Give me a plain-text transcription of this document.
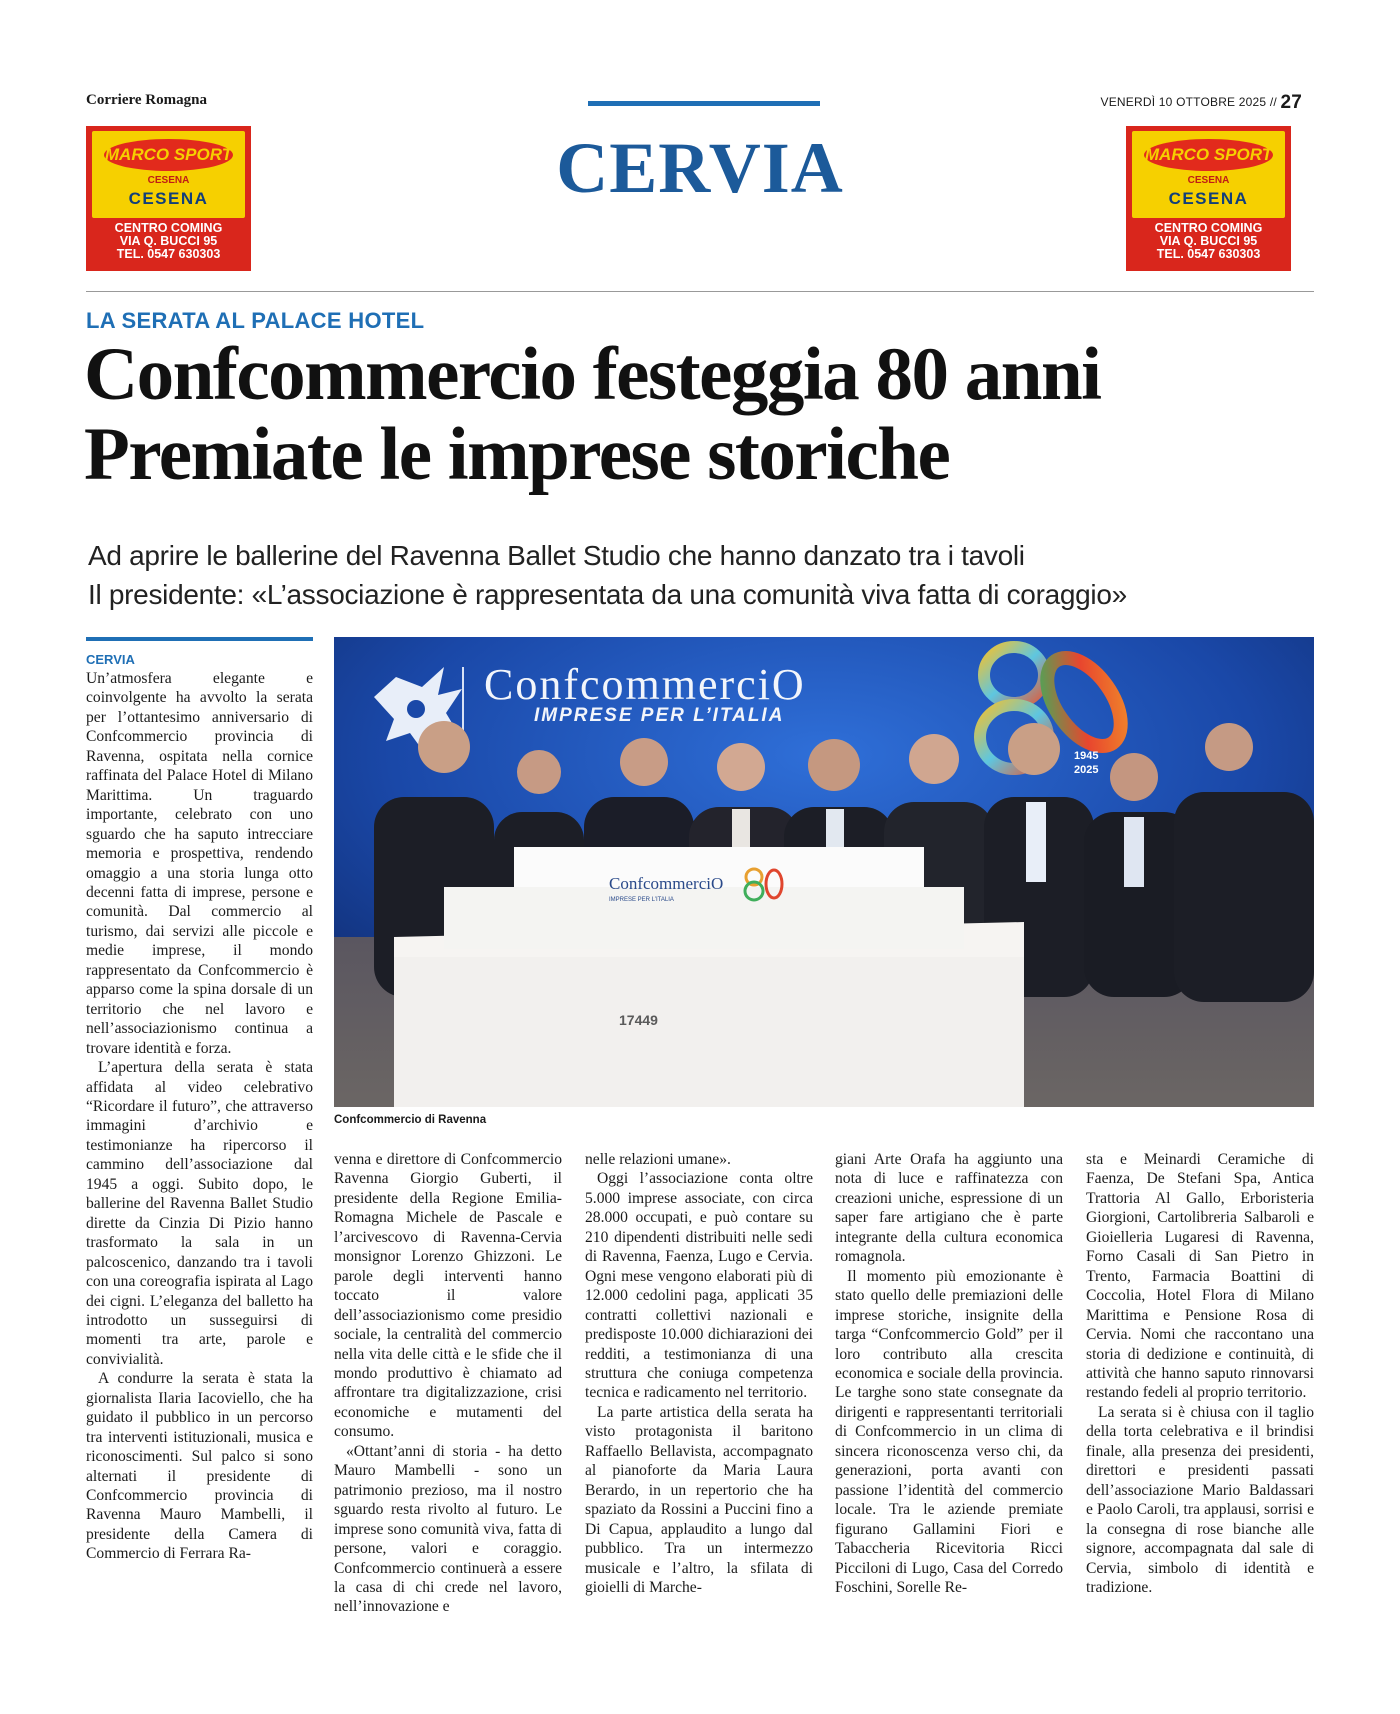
Corriere Romagna	VENERDÌ 10 OTTOBRE 2025 // 27
CERVIA
MARCO SPORT
CESENA
CESENA
CENTRO COMING
VIA Q. BUCCI 95
TEL. 0547 630303
MARCO SPORT
CESENA
CESENA
CENTRO COMING
VIA Q. BUCCI 95
TEL. 0547 630303
LA SERATA AL PALACE HOTEL
Confcommercio festeggia 80 anni
Premiate le imprese storiche
Ad aprire le ballerine del Ravenna Ballet Studio che hanno danzato tra i tavoli
Il presidente: «L’associazione è rappresentata da una comunità viva fatta di coraggio»
ConfcommerciO
IMPRESE PER L’ITALIA
1945
2025
ConfcommerciO
IMPRESE PER L’ITALIA
17449
Confcommercio di Ravenna
CERVIA

Un’atmosfera elegante e coinvolgente ha avvolto la serata per l’ottantesimo anniversario di Confcommercio provincia di Ravenna, ospitata nella cornice raffinata del Palace Hotel di Milano Marittima. Un traguardo importante, celebrato con uno sguardo che ha saputo intrecciare memoria e prospettiva, rendendo omaggio a una storia lunga otto decenni fatta di imprese, persone e comunità. Dal commercio al turismo, dai servizi alle piccole e medie imprese, il mondo rappresentato da Confcommercio è apparso come la spina dorsale di un territorio che nel lavoro e nell’associazionismo continua a trovare identità e forza.

L’apertura della serata è stata affidata al video celebrativo “Ricordare il futuro”, che attraverso immagini d’archivio e testimonianze ha ripercorso il cammino dell’associazione dal 1945 a oggi. Subito dopo, le ballerine del Ravenna Ballet Studio dirette da Cinzia Di Pizio hanno trasformato la sala in un palcoscenico, danzando tra i tavoli con una coreografia ispirata al Lago dei cigni. L’eleganza del balletto ha introdotto un susseguirsi di momenti tra arte, parole e convivialità.

A condurre la serata è stata la giornalista Ilaria Iacoviello, che ha guidato il pubblico in un percorso tra interventi istituzionali, musica e riconoscimenti. Sul palco si sono alternati il presidente di Confcommercio provincia di Ravenna Mauro Mambelli, il presidente della Camera di Commercio di Ferrara Ra-

venna e direttore di Confcommercio Ravenna Giorgio Guberti, il presidente della Regione Emilia-Romagna Michele de Pascale e l’arcivescovo di Ravenna-Cervia monsignor Lorenzo Ghizzoni. Le parole degli interventi hanno toccato il valore dell’associazionismo come presidio sociale, la centralità del commercio nella vita delle città e le sfide che il mondo produttivo è chiamato ad affrontare tra digitalizzazione, crisi economiche e mutamenti del consumo.

«Ottant’anni di storia - ha detto Mauro Mambelli - sono un patrimonio prezioso, ma il nostro sguardo resta rivolto al futuro. Le imprese sono comunità viva, fatta di persone, valori e coraggio. Confcommercio continuerà a essere la casa di chi crede nel lavoro, nell’innovazione e

nelle relazioni umane».

Oggi l’associazione conta oltre 5.000 imprese associate, con circa 28.000 occupati, e può contare su 210 dipendenti distribuiti nelle sedi di Ravenna, Faenza, Lugo e Cervia. Ogni mese vengono elaborati più di 12.000 cedolini paga, applicati 35 contratti collettivi nazionali e predisposte 10.000 dichiarazioni dei redditi, a testimonianza di una struttura che coniuga competenza tecnica e radicamento nel territorio.

La parte artistica della serata ha visto protagonista il baritono Raffaello Bellavista, accompagnato al pianoforte da Maria Laura Berardo, in un repertorio che ha spaziato da Rossini a Puccini fino a Di Capua, applaudito a lungo dal pubblico. Tra un intermezzo musicale e l’altro, la sfilata di gioielli di Marche-

giani Arte Orafa ha aggiunto una nota di luce e raffinatezza con creazioni uniche, espressione di un saper fare artigiano che è parte integrante della cultura economica romagnola.

Il momento più emozionante è stato quello delle premiazioni delle imprese storiche, insignite della targa “Confcommercio Gold” per il loro contributo alla crescita economica e sociale della provincia. Le targhe sono state consegnate da dirigenti e rappresentanti territoriali di Confcommercio in un clima di sincera riconoscenza verso chi, da generazioni, porta avanti con passione l’identità del commercio locale. Tra le aziende premiate figurano Gallamini Fiori e Tabaccheria Ricevitoria Ricci Picciloni di Lugo, Casa del Corredo Foschini, Sorelle Re-

sta e Meinardi Ceramiche di Faenza, De Stefani Spa, Antica Trattoria Al Gallo, Erboristeria Giorgioni, Cartolibreria Salbaroli e Gioielleria Lugaresi di Ravenna, Forno Casali di San Pietro in Trento, Farmacia Boattini di Coccolia, Hotel Flora di Milano Marittima e Pensione Rosa di Cervia. Nomi che raccontano una storia di dedizione e continuità, di attività che hanno saputo rinnovarsi restando fedeli al proprio territorio.

La serata si è chiusa con il taglio della torta celebrativa e il brindisi finale, alla presenza dei presidenti, direttori e presidenti passati dell’associazione Mario Baldassari e Paolo Caroli, tra applausi, sorrisi e la consegna di rose bianche alle signore, accompagnata dal sale di Cervia, simbolo di identità e tradizione.
